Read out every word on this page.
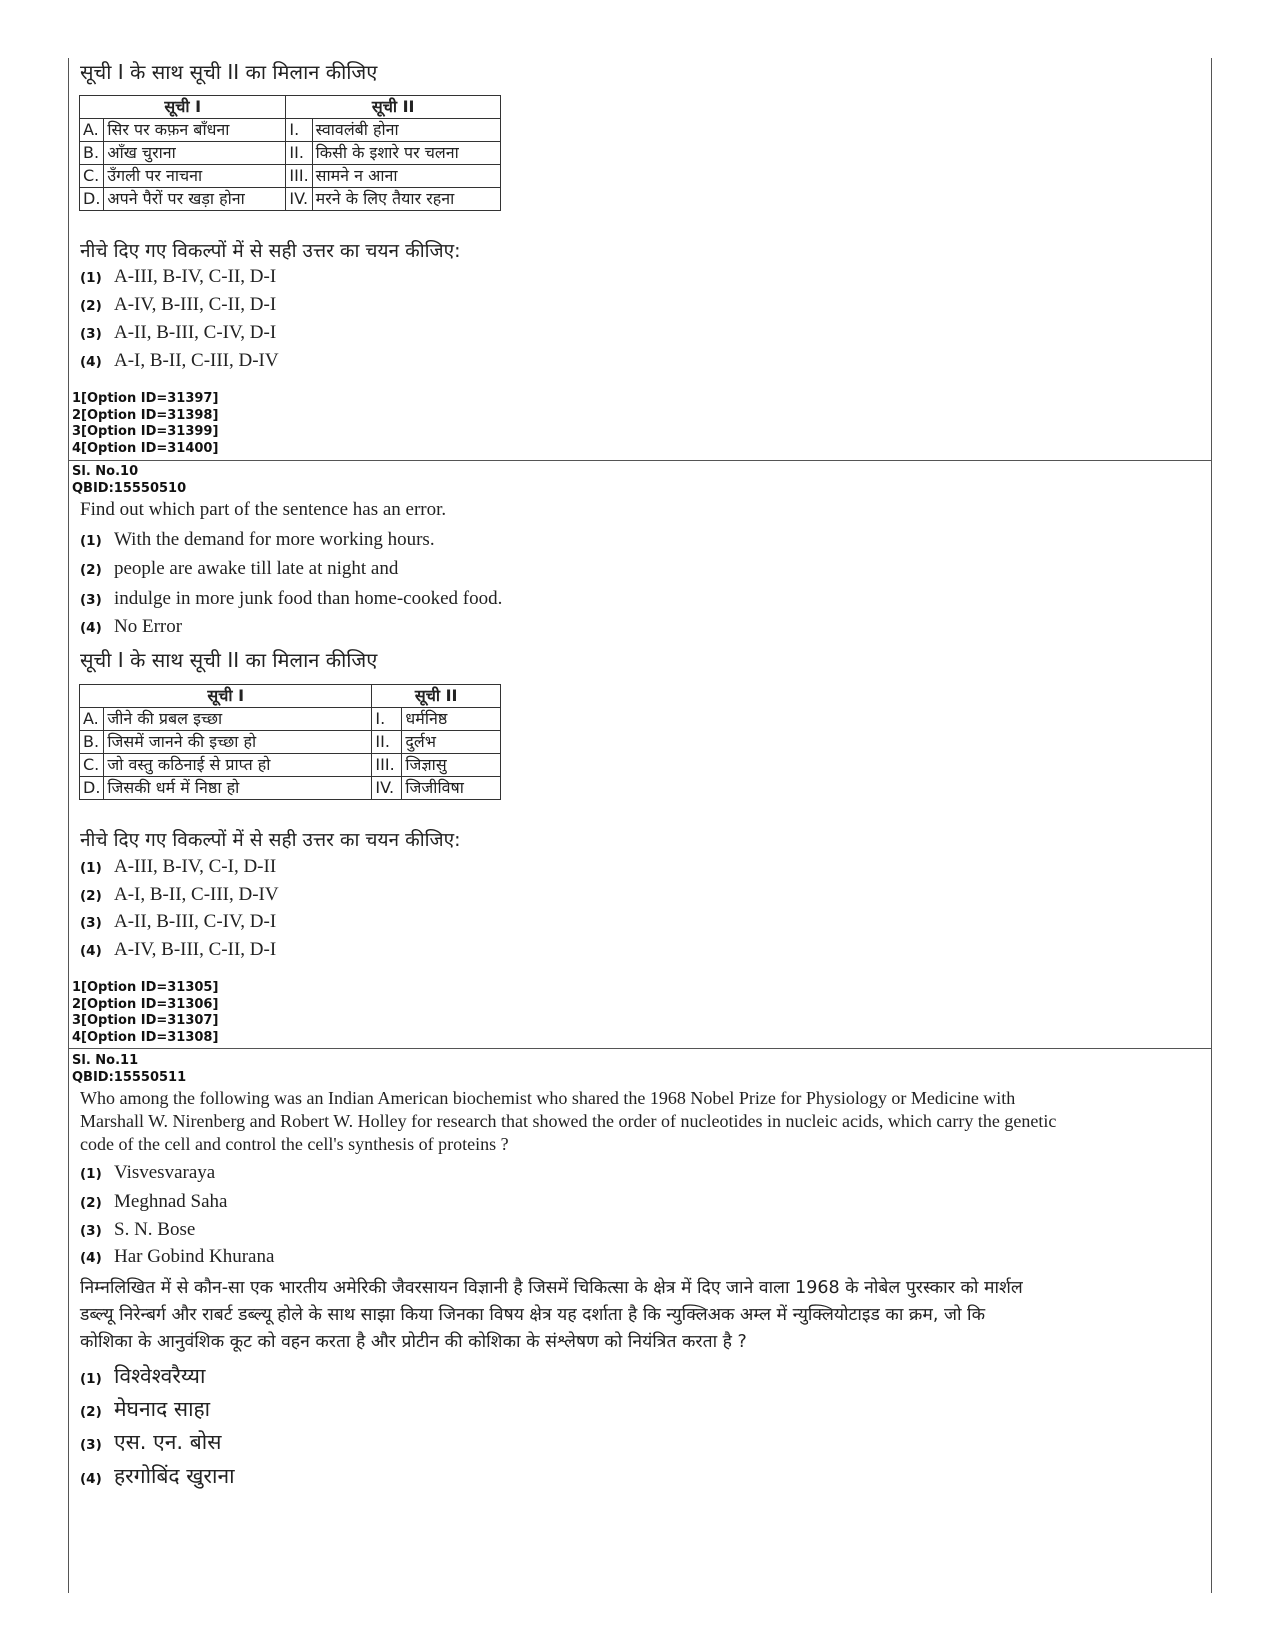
सूची I के साथ सूची II का मिलान कीजिए
सूची I		सूची II	
A.	सिर पर कफ़न बाँधना	I.	स्वावलंबी होना
B.	आँख चुराना	II.	किसी के इशारे पर चलना
C.	उँगली पर नाचना	III.	सामने न आना
D.	अपने पैरों पर खड़ा होना	IV.	मरने के लिए तैयार रहना
नीचे दिए गए विकल्पों में से सही उत्तर का चयन कीजिए:
(1) A-III, B-IV, C-II, D-I
(2) A-IV, B-III, C-II, D-I
(3) A-II, B-III, C-IV, D-I
(4) A-I, B-II, C-III, D-IV
1[Option ID=31397]
2[Option ID=31398]
3[Option ID=31399]
4[Option ID=31400]
Sl. No.10
QBID:15550510
Find out which part of the sentence has an error.
(1) With the demand for more working hours.
(2) people are awake till late at night and
(3) indulge in more junk food than home-cooked food.
(4) No Error
सूची I के साथ सूची II का मिलान कीजिए
सूची I		सूची II	
A.	जीने की प्रबल इच्छा	I.	धर्मनिष्ठ
B.	जिसमें जानने की इच्छा हो	II.	दुर्लभ
C.	जो वस्तु कठिनाई से प्राप्त हो	III.	जिज्ञासु
D.	जिसकी धर्म में निष्ठा हो	IV.	जिजीविषा
नीचे दिए गए विकल्पों में से सही उत्तर का चयन कीजिए:
(1) A-III, B-IV, C-I, D-II
(2) A-I, B-II, C-III, D-IV
(3) A-II, B-III, C-IV, D-I
(4) A-IV, B-III, C-II, D-I
1[Option ID=31305]
2[Option ID=31306]
3[Option ID=31307]
4[Option ID=31308]
Sl. No.11
QBID:15550511
Who among the following was an Indian American biochemist who shared the 1968 Nobel Prize for Physiology or Medicine with
Marshall W. Nirenberg and Robert W. Holley for research that showed the order of nucleotides in nucleic acids, which carry the genetic
code of the cell and control the cell's synthesis of proteins ?
(1) Visvesvaraya
(2) Meghnad Saha
(3) S. N. Bose
(4) Har Gobind Khurana
निम्नलिखित में से कौन-सा एक भारतीय अमेरिकी जैवरसायन विज्ञानी है जिसमें चिकित्सा के क्षेत्र में दिए जाने वाला 1968 के नोबेल पुरस्कार को मार्शल
डब्ल्यू निरेन्बर्ग और राबर्ट डब्ल्यू होले के साथ साझा किया जिनका विषय क्षेत्र यह दर्शाता है कि न्युक्लिअक अम्ल में न्युक्लियोटाइड का क्रम, जो कि
कोशिका के आनुवंशिक कूट को वहन करता है और प्रोटीन की कोशिका के संश्लेषण को नियंत्रित करता है ?
(1) विश्वेश्वरैय्या
(2) मेघनाद साहा
(3) एस. एन. बोस
(4) हरगोबिंद खुराना
